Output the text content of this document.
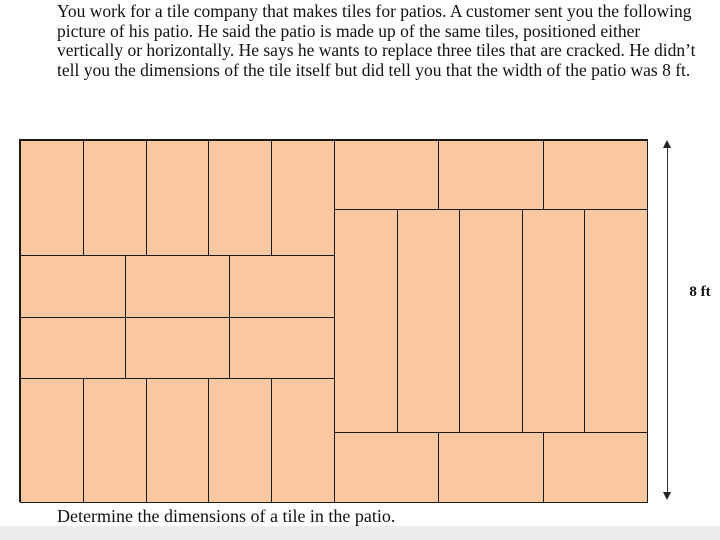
You work for a tile company that makes tiles for patios. A customer sent you the following picture of his patio. He said the patio is made up of the same tiles, positioned either vertically or horizontally. He says he wants to replace three tiles that are cracked. He didn’t tell you the dimensions of the tile itself but did tell you that the width of the patio was 8 ft.
8 ft
Determine the dimensions of a tile in the patio.
